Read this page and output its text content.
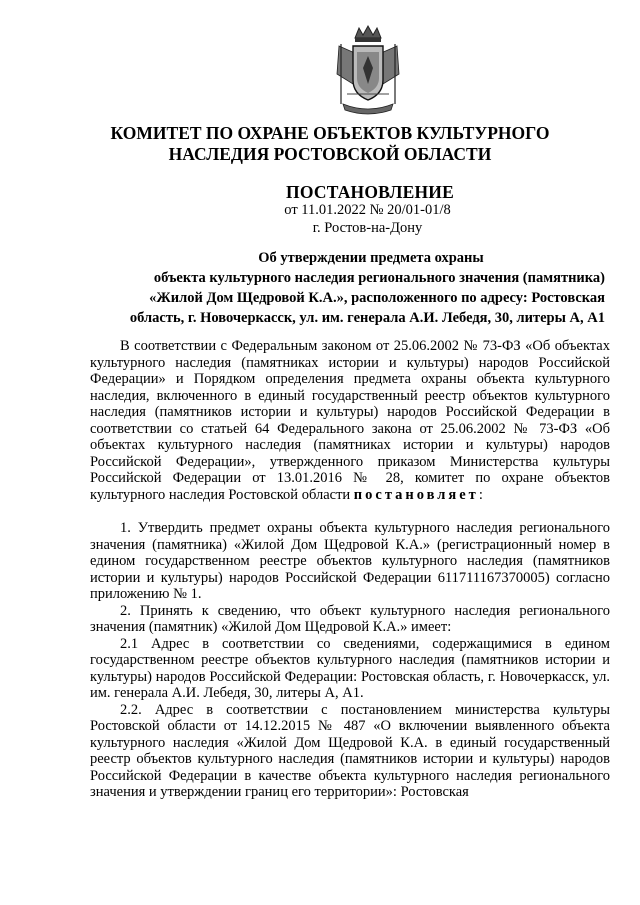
КОМИТЕТ ПО ОХРАНЕ ОБЪЕКТОВ КУЛЬТУРНОГО
НАСЛЕДИЯ РОСТОВСКОЙ ОБЛАСТИ
ПОСТАНОВЛЕНИЕ
от 11.01.2022 № 20/01-01/8
г. Ростов-на-Дону
Об утверждении предмета охраны
объекта культурного наследия регионального значения (памятника)
«Жилой Дом Щедровой К.А.», расположенного по адресу: Ростовская
область, г. Новочеркасск, ул. им. генерала А.И. Лебедя, 30, литеры А, А1

В соответствии с Федеральным законом от 25.06.2002 № 73-ФЗ «Об объектах культурного наследия (памятниках истории и культуры) народов Российской Федерации» и Порядком определения предмета охраны объекта культурного наследия, включенного в единый государственный реестр объектов культурного наследия (памятников истории и культуры) народов Российской Федерации в соответствии со статьей 64 Федерального закона от 25.06.2002 № 73-ФЗ «Об объектах культурного наследия (памятниках истории и культуры) народов Российской Федерации», утвержденного приказом Министерства культуры Российской Федерации от 13.01.2016 № 28, комитет по охране объектов культурного наследия Ростовской области постановляет:

1. Утвердить предмет охраны объекта культурного наследия регионального значения (памятника) «Жилой Дом Щедровой К.А.» (регистрационный номер в едином государственном реестре объектов культурного наследия (памятников истории и культуры) народов Российской Федерации 611711167370005) согласно приложению № 1.

2. Принять к сведению, что объект культурного наследия регионального значения (памятник) «Жилой Дом Щедровой К.А.» имеет:

2.1 Адрес в соответствии со сведениями, содержащимися в едином государственном реестре объектов культурного наследия (памятников истории и культуры) народов Российской Федерации: Ростовская область, г. Новочеркасск, ул. им. генерала А.И. Лебедя, 30, литеры А, А1.

2.2. Адрес в соответствии с постановлением министерства культуры Ростовской области от 14.12.2015 № 487 «О включении выявленного объекта культурного наследия «Жилой Дом Щедровой К.А. в единый государственный реестр объектов культурного наследия (памятников истории и культуры) народов Российской Федерации в качестве объекта культурного наследия регионального значения и утверждении границ его территории»: Ростовская
